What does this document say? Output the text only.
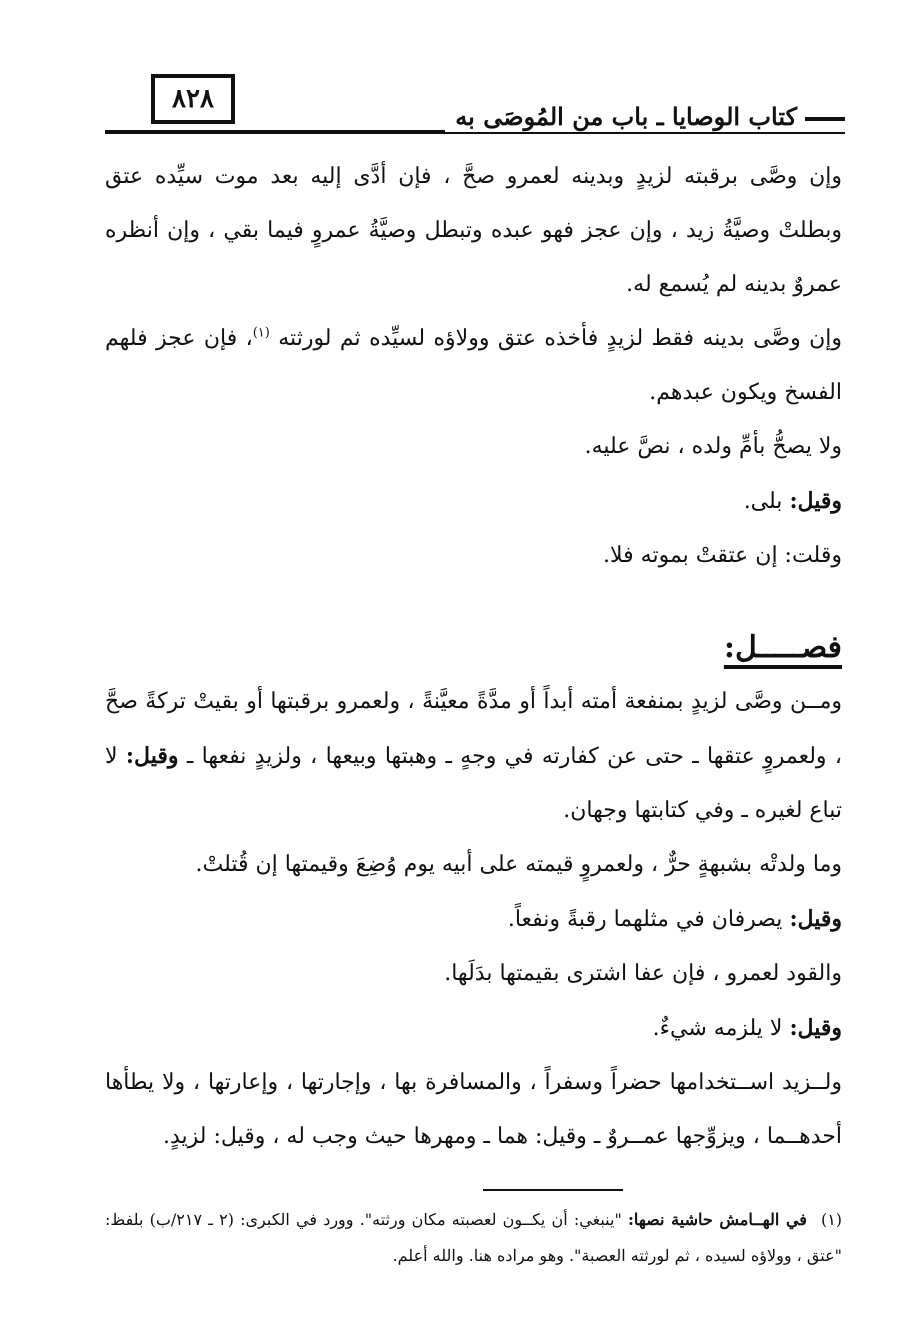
٨٢٨
كتاب الوصايا ـ باب من المُوصَى به

وإن وصَّى برقبته لزيدٍ وبدينه لعمرو صحَّ ، فإن أدَّى إليه بعد موت سيِّده عتق وبطلتْ وصيَّةُ زيد ، وإن عجز فهو عبده وتبطل وصيَّةُ عمروٍ فيما بقي ، وإن أنظره عمروٌ بدينه لم يُسمع له.

وإن وصَّى بدينه فقط لزيدٍ فأخذه عتق وولاؤه لسيِّده ثم لورثته $^{(١)}$، فإن عجز فلهم الفسخ ويكون عبدهم.

ولا يصحُّ بأمِّ ولده ، نصَّ عليه.

وقيل: بلى.

وقلت: إن عتقتْ بموته فلا.

فصـــــل:

ومــن وصَّى لزيدٍ بمنفعة أمته أبداً أو مدَّةً معيَّنةً ، ولعمرو برقبتها أو بقيتْ تركةً صحَّ ، ولعمروٍ عتقها ـ حتى عن كفارته في وجهٍ ـ وهبتها وبيعها ، ولزيدٍ نفعها ـ وقيل: لا تباع لغيره ـ وفي كتابتها وجهان.

وما ولدتْه بشبهةٍ حرٌّ ، ولعمروٍ قيمته على أبيه يوم وُضِعَ وقيمتها إن قُتلتْ.

وقيل: يصرفان في مثلهما رقبةً ونفعاً.

والقود لعمرو ، فإن عفا اشترى بقيمتها بدَلَها.

وقيل: لا يلزمه شيءٌ.

ولــزيد اســتخدامها حضراً وسفراً ، والمسافرة بها ، وإجارتها ، وإعارتها ، ولا يطأها أحدهــما ، ويزوِّجها عمــروٌ ـ وقيل: هما ـ ومهرها حيث وجب له ، وقيل: لزيدٍ.

(١)في الهــامش حاشية نصها: "ينبغي: أن يكــون لعصبته مكان ورثته". وورد في الكبرى: (٢ ـ ٢١٧/ب) بلفظ: "عتق ، وولاؤه لسيده ، ثم لورثته العصبة". وهو مراده هنا. والله أعلم.
